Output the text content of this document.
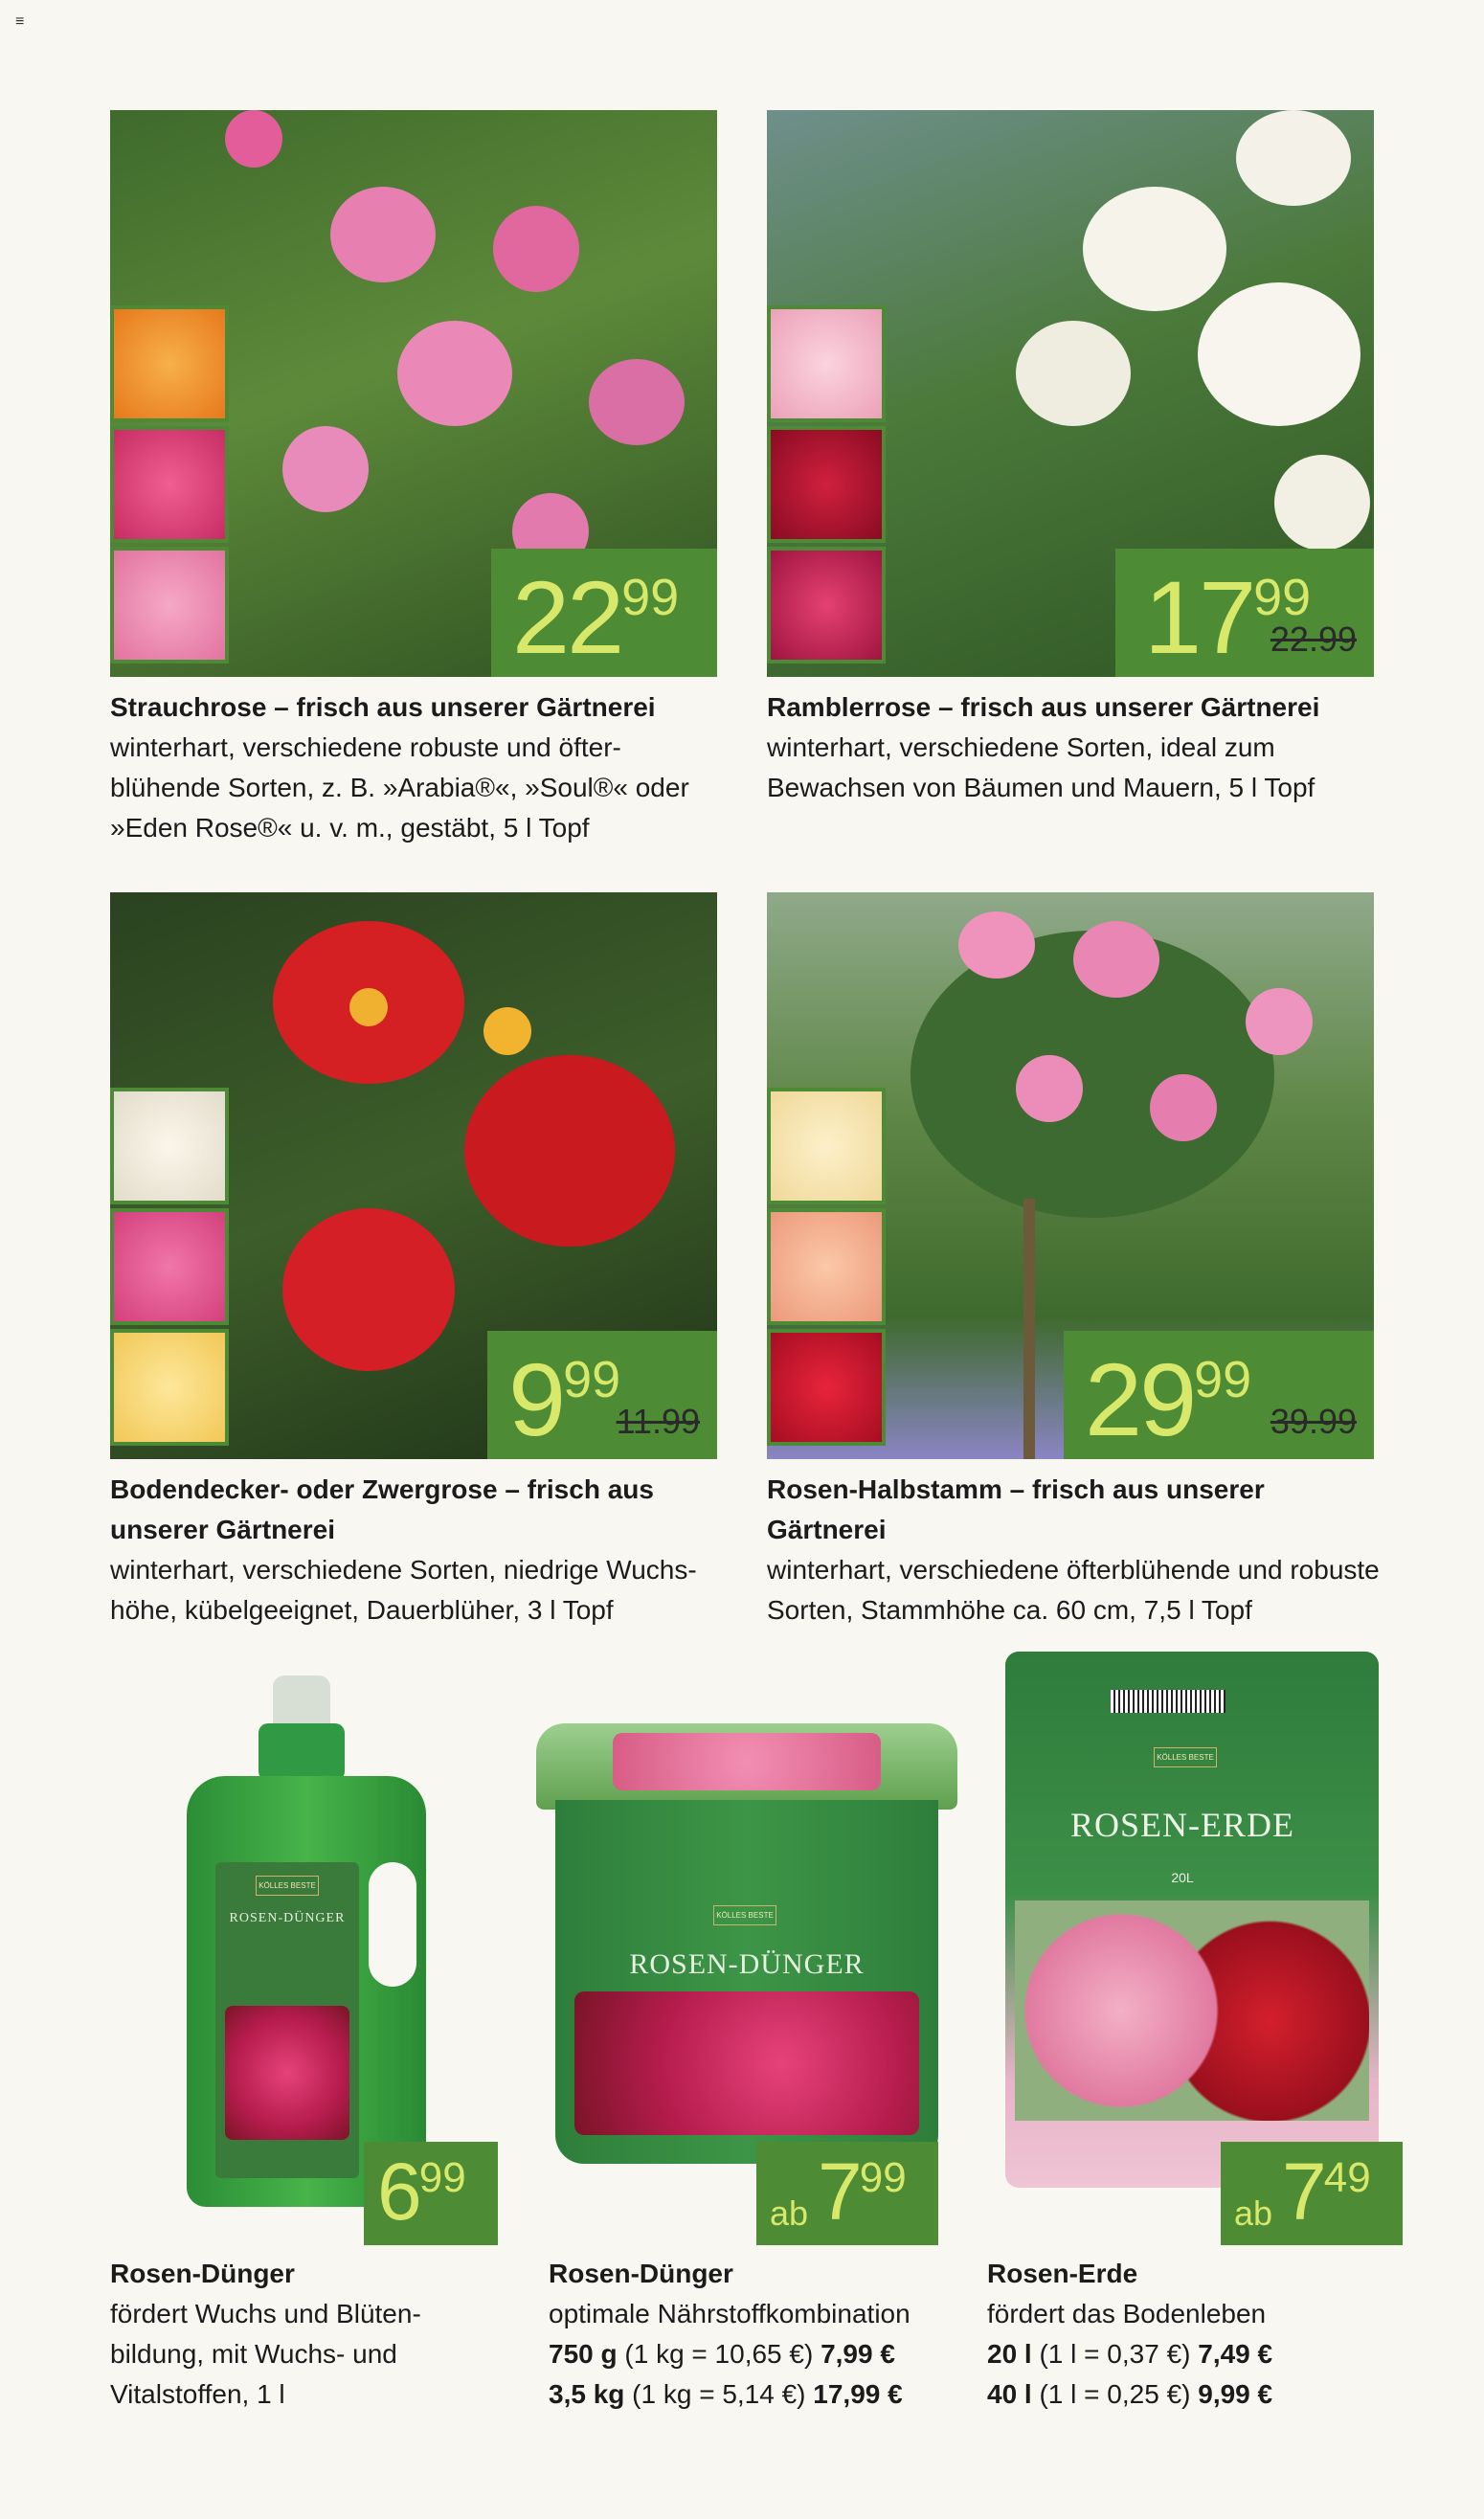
≡
22 99

Strauchrose – frisch aus unserer Gärtnerei

winterhart, verschiedene robuste und öfter-blühende Sorten, z. B. »Arabia®«, »Soul®« oder »Eden Rose®« u. v. m., gestäbt, 5 l Topf

17 99
22.99

Ramblerrose – frisch aus unserer Gärtnerei

winterhart, verschiedene Sorten, ideal zum Bewachsen von Bäumen und Mauern, 5 l Topf

9 99
11.99

Bodendecker- oder Zwergrose – frisch aus unserer Gärtnerei

winterhart, verschiedene Sorten, niedrige Wuchs-höhe, kübelgeeignet, Dauerblüher, 3 l Topf

29 99
39.99

Rosen-Halbstamm – frisch aus unserer Gärtnerei

winterhart, verschiedene öfterblühende und robuste Sorten, Stammhöhe ca. 60 cm, 7,5 l Topf

KÖLLES BESTE
ROSEN-DÜNGER
6 99

Rosen-Dünger

fördert Wuchs und Blüten-

bildung, mit Wuchs- und

Vitalstoffen, 1 l

KÖLLES BESTE
ROSEN-DÜNGER
ab 7 99

Rosen-Dünger

optimale Nährstoffkombination

750 g (1 kg = 10,65 €) 7,99 €

3,5 kg (1 kg = 5,14 €) 17,99 €

KÖLLES BESTE
ROSEN-ERDE
20L
ab 7 49

Rosen-Erde

fördert das Bodenleben

20 l (1 l = 0,37 €) 7,49 €

40 l (1 l = 0,25 €) 9,99 €
